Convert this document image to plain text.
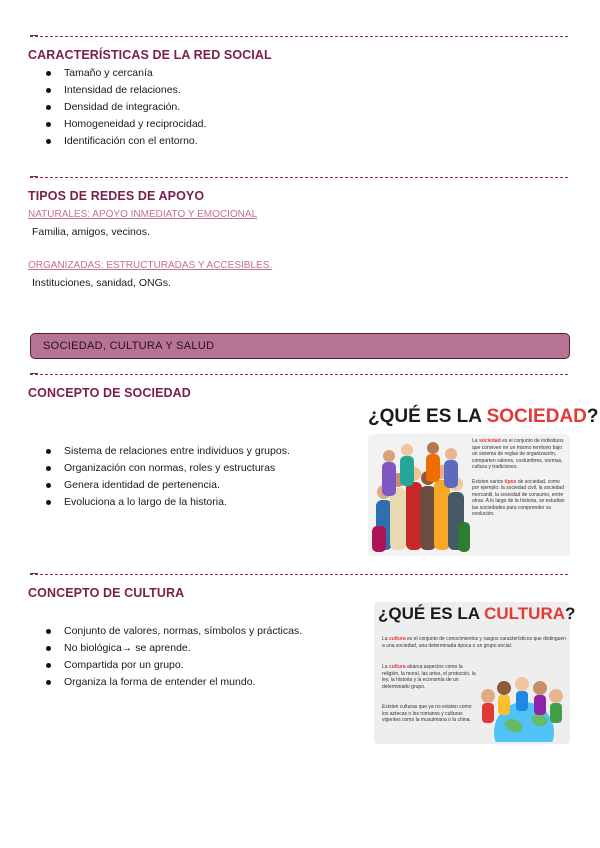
CARACTERÍSTICAS DE LA RED SOCIAL
Tamaño y cercanía
Intensidad de relaciones.
Densidad de integración.
Homogeneidad y reciprocidad.
Identificación con el entorno.
TIPOS DE REDES DE APOYO
NATURALES: APOYO INMEDIATO Y EMOCIONAL
Familia, amigos, vecinos.
ORGANIZADAS: ESTRUCTURADAS Y ACCESIBLES.
Instituciones, sanidad, ONGs.
SOCIEDAD, CULTURA Y SALUD
CONCEPTO DE SOCIEDAD
Sistema de relaciones entre individuos y grupos.
Organización con normas, roles y estructuras
Genera identidad de pertenencia.
Evoluciona a lo largo de la historia.
¿QUÉ ES LA SOCIEDAD?
La sociedad es el conjunto de individuos que conviven en un mismo territorio bajo un sistema de reglas de organización, comparten valores, costumbres, normas, cultura y tradiciones.
Existen varios tipos de sociedad, como por ejemplo: la sociedad civil, la sociedad mercantil, la sociedad de consumo, entre otras. A lo largo de la historia, se estudian las sociedades para comprender su evolución.
CONCEPTO DE CULTURA
Conjunto de valores, normas, símbolos y prácticas.
No biológica→ se aprende.
Compartida por un grupo.
Organiza la forma de entender el mundo.
¿QUÉ ES LA CULTURA?
La cultura es el conjunto de conocimientos y rasgos característicos que distinguen a una sociedad, una determinada época o un grupo social.
La cultura abarca aspectos como la religión, la moral, las artes, el protocolo, la ley, la historia y la economía de un determinado grupo.
Existen culturas que ya no existen como los aztecas o los romanos y culturas vigentes como la musulmana o la china.
